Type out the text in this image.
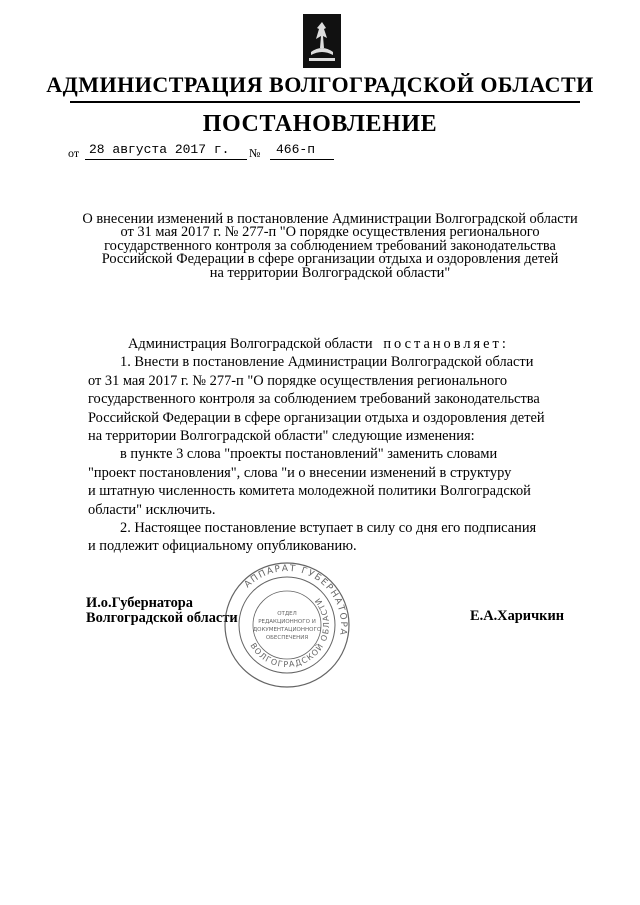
АДМИНИСТРАЦИЯ ВОЛГОГРАДСКОЙ ОБЛАСТИ
ПОСТАНОВЛЕНИЕ
от 28 августа 2017 г.	№	466-п
О внесении изменений в постановление Администрации Волгоградской области
от 31 мая 2017 г. № 277-п "О порядке осуществления регионального
государственного контроля за соблюдением требований законодательства
Российской Федерации в сфере организации отдыха и оздоровления детей
на территории Волгоградской области"
Администрация Волгоградской области постановляет:
1. Внести в постановление Администрации Волгоградской области
от 31 мая 2017 г. № 277-п "О порядке осуществления регионального
государственного контроля за соблюдением требований законодательства
Российской Федерации в сфере организации отдыха и оздоровления детей
на территории Волгоградской области" следующие изменения:
в пункте 3 слова "проекты постановлений" заменить словами
"проект постановления", слова "и о внесении изменений в структуру
и штатную численность комитета молодежной политики Волгоградской
области" исключить.
2. Настоящее постановление вступает в силу со дня его подписания
и подлежит официальному опубликованию.
И.о.Губернатора
Волгоградской области	Е.А.Харичкин
АППАРАТ ГУБЕРНАТОРА
ВОЛГОГРАДСКОЙ ОБЛАСТИ
ОТДЕЛ
РЕДАКЦИОННОГО И
ДОКУМЕНТАЦИОННОГО
ОБЕСПЕЧЕНИЯ
